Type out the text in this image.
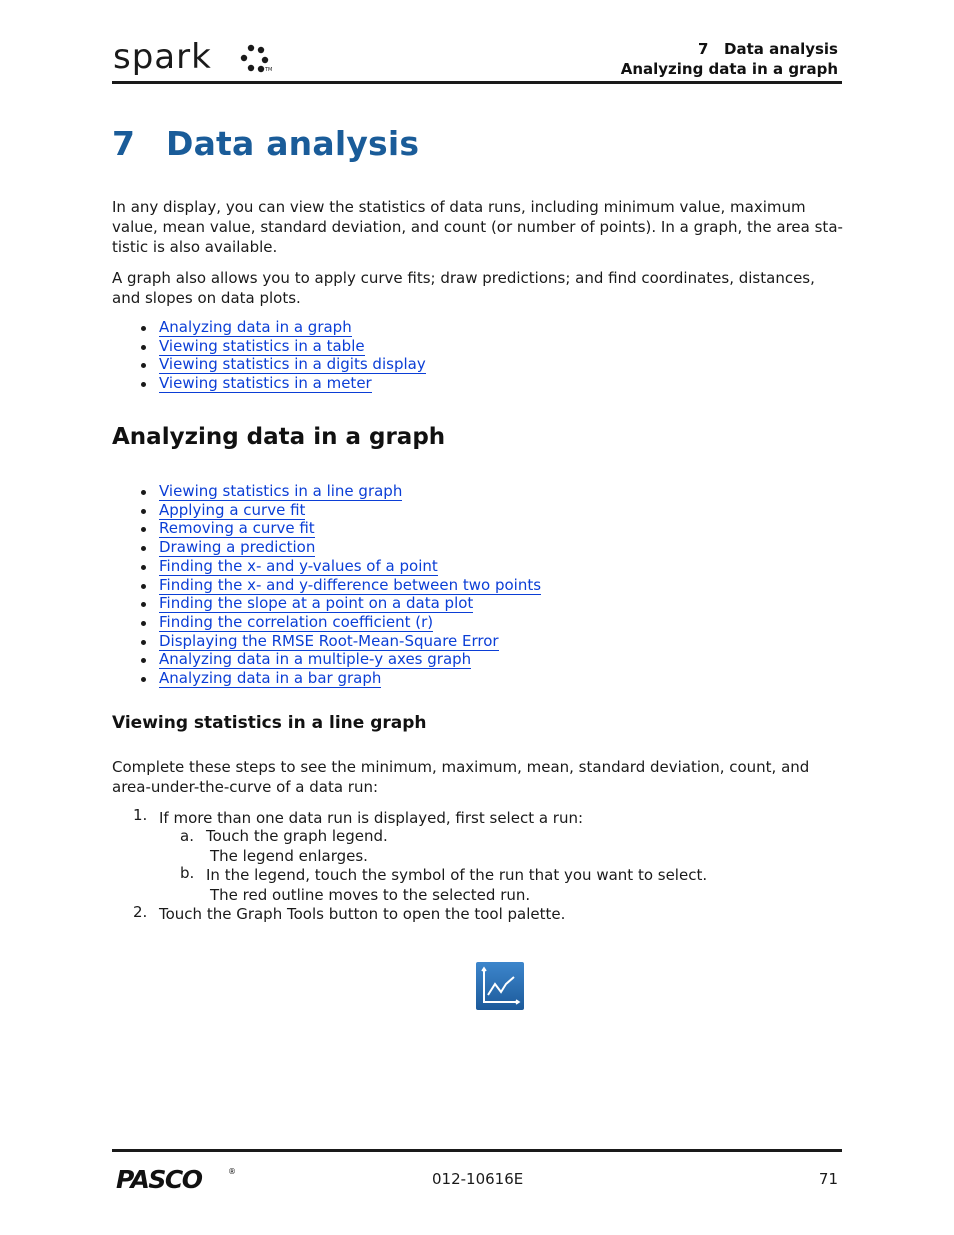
spark	TM
7   Data analysis
Analyzing data in a graph
7 Data analysis
In any display, you can view the statistics of data runs, including minimum value, maximum
value, mean value, standard deviation, and count (or number of points). In a graph, the area sta-
tistic is also available.
A graph also allows you to apply curve fits; draw predictions; and find coordinates, distances,
and slopes on data plots.
Analyzing data in a graph
Viewing statistics in a table
Viewing statistics in a digits display
Viewing statistics in a meter
Analyzing data in a graph
Viewing statistics in a line graph
Applying a curve fit
Removing a curve fit
Drawing a prediction
Finding the x- and y-values of a point
Finding the x- and y-difference between two points
Finding the slope at a point on a data plot
Finding the correlation coefficient (r)
Displaying the RMSE Root-Mean-Square Error
Analyzing data in a multiple-y axes graph
Analyzing data in a bar graph
Viewing statistics in a line graph
Complete these steps to see the minimum, maximum, mean, standard deviation, count, and
area-under-the-curve of a data run:
1. If more than one data run is displayed, first select a run:
a. Touch the graph legend.
The legend enlarges.
b. In the legend, touch the symbol of the run that you want to select.
The red outline moves to the selected run.
2. Touch the Graph Tools button to open the tool palette.
PASCO	®	012-10616E	71
